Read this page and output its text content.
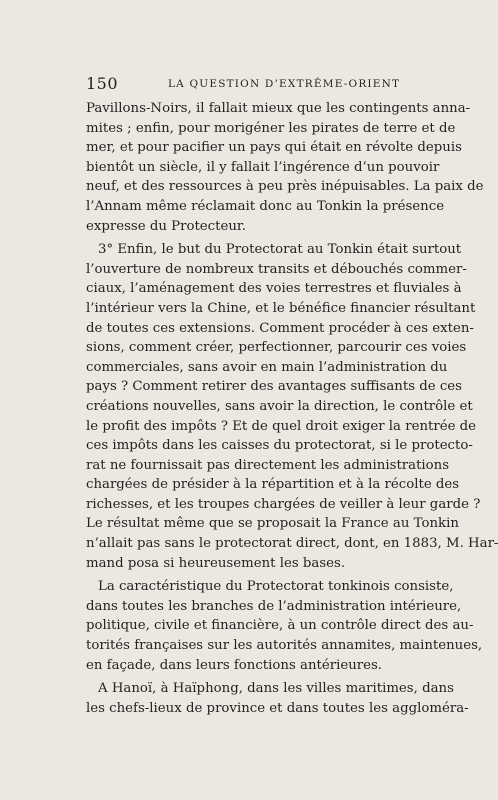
150	LA QUESTION D’EXTRÊME-ORIENT
Pavillons-Noirs, il fallait mieux que les contingents anna-
mites ; enfin, pour morigéner les pirates de terre et de
mer, et pour pacifier un pays qui était en révolte depuis
bientôt un siècle, il y fallait l’ingérence d’un pouvoir
neuf, et des ressources à peu près inépuisables. La paix de
l’Annam même réclamait donc au Tonkin la présence
expresse du Protecteur.
3° Enfin, le but du Protectorat au Tonkin était surtout
l’ouverture de nombreux transits et débouchés commer-
ciaux, l’aménagement des voies terrestres et fluviales à
l’intérieur vers la Chine, et le bénéfice financier résultant
de toutes ces extensions. Comment procéder à ces exten-
sions, comment créer, perfectionner, parcourir ces voies
commerciales, sans avoir en main l’administration du
pays ? Comment retirer des avantages suffisants de ces
créations nouvelles, sans avoir la direction, le contrôle et
le profit des impôts ? Et de quel droit exiger la rentrée de
ces impôts dans les caisses du protectorat, si le protecto-
rat ne fournissait pas directement les administrations
chargées de présider à la répartition et à la récolte des
richesses, et les troupes chargées de veiller à leur garde ?
Le résultat même que se proposait la France au Tonkin
n’allait pas sans le protectorat direct, dont, en 1883, M. Har-
mand posa si heureusement les bases.
La caractéristique du Protectorat tonkinois consiste,
dans toutes les branches de l’administration intérieure,
politique, civile et financière, à un contrôle direct des au-
torités françaises sur les autorités annamites, maintenues,
en façade, dans leurs fonctions antérieures.
A Hanoï, à Haïphong, dans les villes maritimes, dans
les chefs-lieux de province et dans toutes les aggloméra-
